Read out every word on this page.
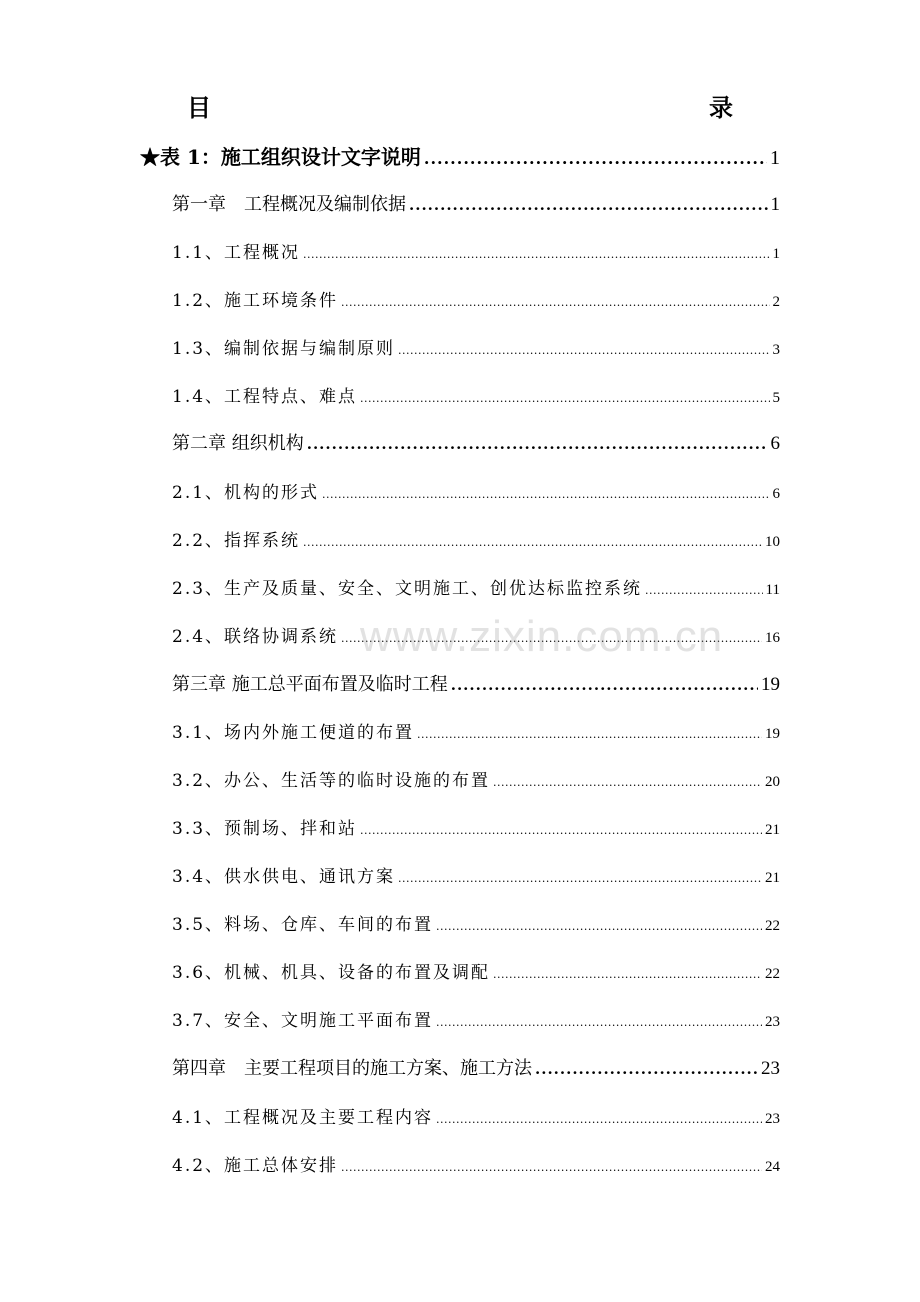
目　　录
★表 1：施工组织设计文字说明 .....	1
第一章　工程概况及编制依据 .....	1
1.1、工程概况 .....	1
1.2、施工环境条件 .....	2
1.3、编制依据与编制原则 .....	3
1.4、工程特点、难点 .....	5
第二章 组织机构 .....	6
2.1、机构的形式 .....	6
2.2、指挥系统 .....	10
2.3、生产及质量、安全、文明施工、创优达标监控系统 .....	11
2.4、联络协调系统 .....	16
第三章 施工总平面布置及临时工程 .....	19
3.1、场内外施工便道的布置 .....	19
3.2、办公、生活等的临时设施的布置 .....	20
3.3、预制场、拌和站 .....	21
3.4、供水供电、通讯方案 .....	21
3.5、料场、仓库、车间的布置 .....	22
3.6、机械、机具、设备的布置及调配 .....	22
3.7、安全、文明施工平面布置 .....	23
第四章　主要工程项目的施工方案、施工方法 .....	23
4.1、工程概况及主要工程内容 .....	23
4.2、施工总体安排 .....	24
www.zixin.com.cn
